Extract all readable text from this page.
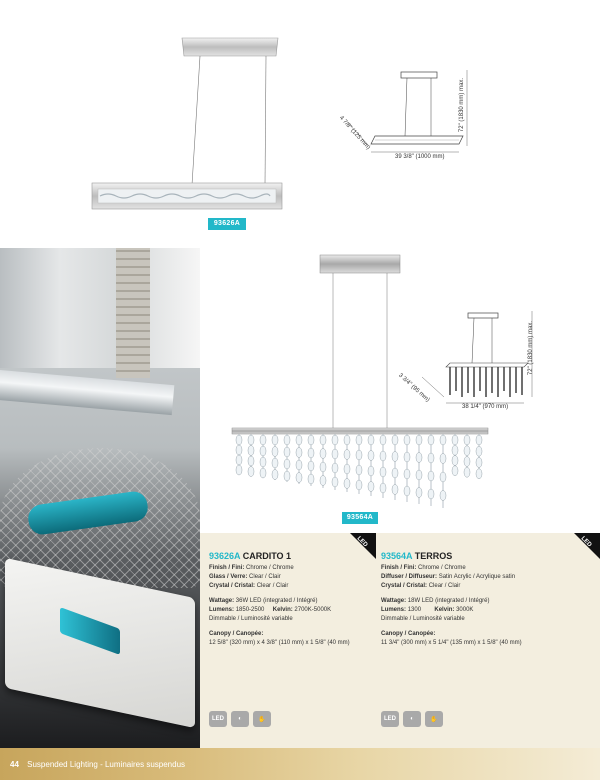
93626A
39 3/8" (1000 mm)
72" (1830 mm) max.
4 7/8" (125 mm)
93564A
38 1/4" (970 mm)
72" (1830 mm) max.
3 3/4" (95 mm)
LED	LED
93626A CARDITO 1
Finish / Fini: Chrome / Chrome
Glass / Verre: Clear / Clair
Crystal / Cristal: Clear / Clair
Wattage: 36W LED (integrated / Intégré)
Lumens: 1850-2500 Kelvin: 2700K-5000K
Dimmable / Luminosité variable
Canopy / Canopée:
12 5/8" (320 mm) x 4 3/8" (110 mm) x 1 5/8" (40 mm)
93564A TERROS
Finish / Fini: Chrome / Chrome
Diffuser / Diffuseur: Satin Acrylic / Acrylique satin
Crystal / Cristal: Clear / Clair
Wattage: 18W LED (integrated / Intégré)
Lumens: 1300 Kelvin: 3000K
Dimmable / Luminosité variable
Canopy / Canopée:
11 3/4" (300 mm) x 5 1/4" (135 mm) x 1 5/8" (40 mm)
LED	◐	✋	LED	◐	✋
44 Suspended Lighting - Luminaires suspendus
